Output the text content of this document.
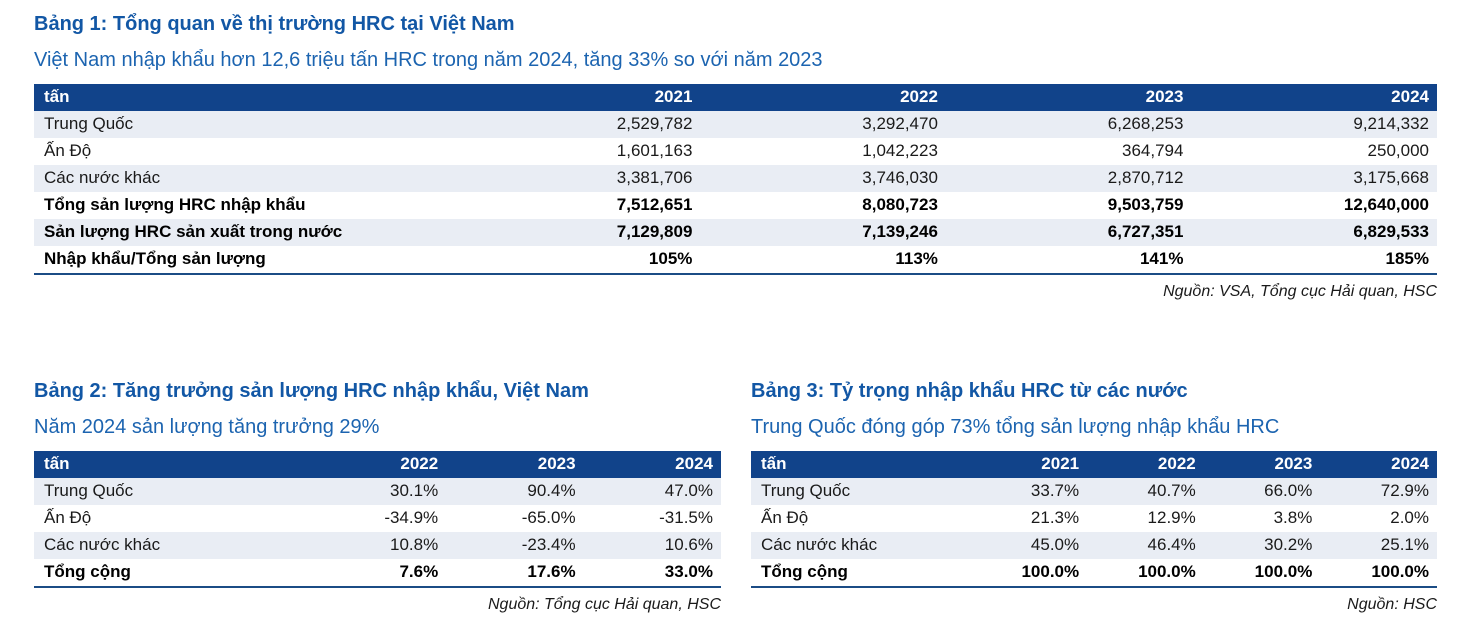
Bảng 1: Tổng quan về thị trường HRC tại Việt Nam

Việt Nam nhập khẩu hơn 12,6 triệu tấn HRC trong năm 2024, tăng 33% so với năm 2023

tấn	2021	2022	2023	2024
Trung Quốc	2,529,782	3,292,470	6,268,253	9,214,332
Ấn Độ	1,601,163	1,042,223	364,794	250,000
Các nước khác	3,381,706	3,746,030	2,870,712	3,175,668
Tổng sản lượng HRC nhập khẩu	7,512,651	8,080,723	9,503,759	12,640,000
Sản lượng HRC sản xuất trong nước	7,129,809	7,139,246	6,727,351	6,829,533
Nhập khẩu/Tổng sản lượng	105%	113%	141%	185%
Nguồn: VSA, Tổng cục Hải quan, HSC
Bảng 2: Tăng trưởng sản lượng HRC nhập khẩu, Việt Nam

Năm 2024 sản lượng tăng trưởng 29%

tấn	2022	2023	2024
Trung Quốc	30.1%	90.4%	47.0%
Ấn Độ	-34.9%	-65.0%	-31.5%
Các nước khác	10.8%	-23.4%	10.6%
Tổng cộng	7.6%	17.6%	33.0%
Nguồn: Tổng cục Hải quan, HSC
Bảng 3: Tỷ trọng nhập khẩu HRC từ các nước

Trung Quốc đóng góp 73% tổng sản lượng nhập khẩu HRC

tấn	2021	2022	2023	2024
Trung Quốc	33.7%	40.7%	66.0%	72.9%
Ấn Độ	21.3%	12.9%	3.8%	2.0%
Các nước khác	45.0%	46.4%	30.2%	25.1%
Tổng cộng	100.0%	100.0%	100.0%	100.0%
Nguồn: HSC
